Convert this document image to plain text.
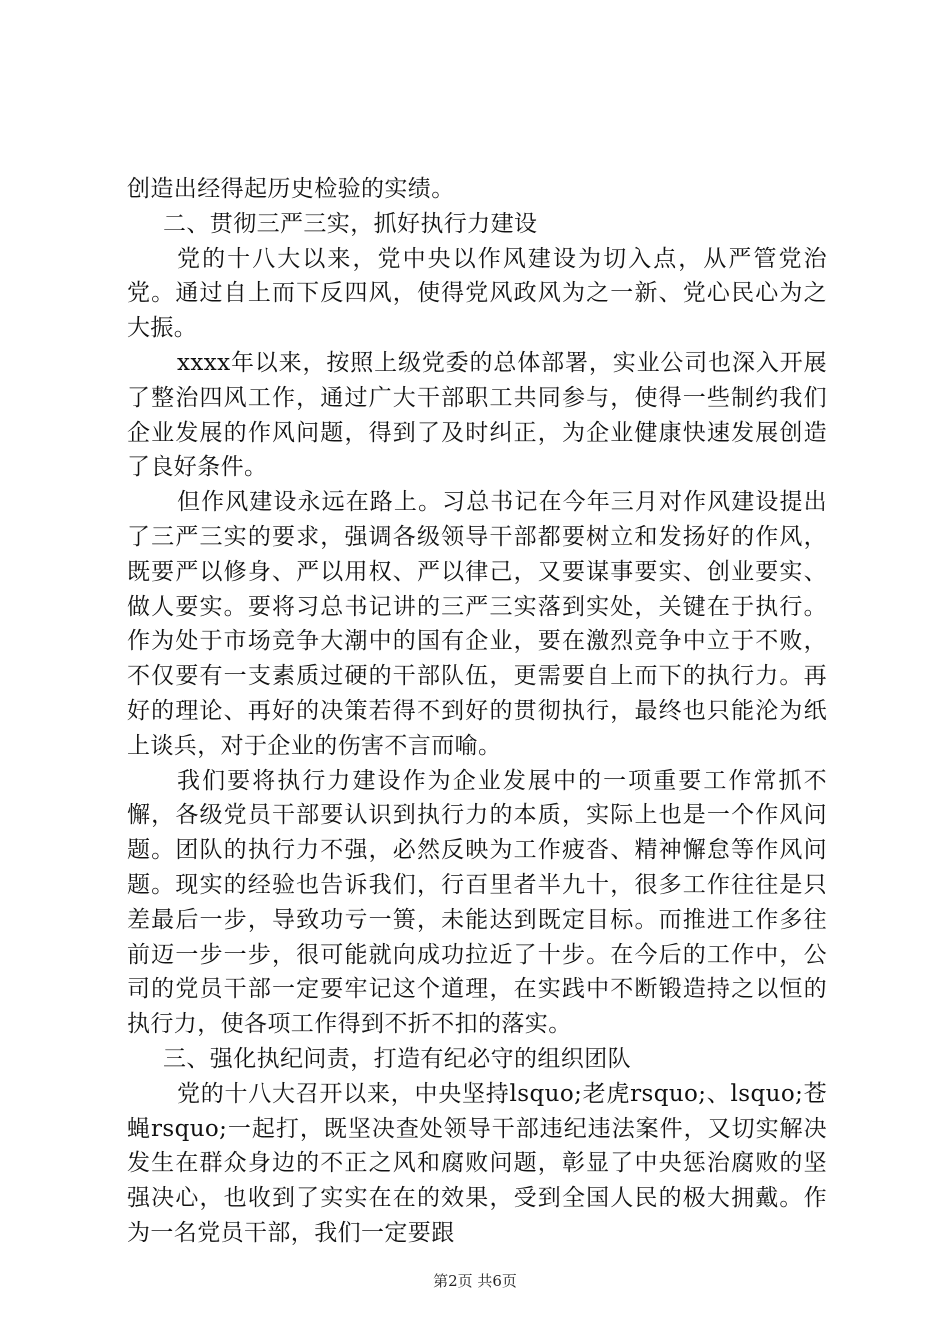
创造出经得起历史检验的实绩。

二、贯彻三严三实，抓好执行力建设

党的十八大以来，党中央以作风建设为切入点，从严管党治党。通过自上而下反四风，使得党风政风为之一新、党心民心为之大振。

xxxx年以来，按照上级党委的总体部署，实业公司也深入开展了整治四风工作，通过广大干部职工共同参与，使得一些制约我们企业发展的作风问题，得到了及时纠正，为企业健康快速发展创造了良好条件。

但作风建设永远在路上。习总书记在今年三月对作风建设提出了三严三实的要求，强调各级领导干部都要树立和发扬好的作风，既要严以修身、严以用权、严以律己，又要谋事要实、创业要实、做人要实。要将习总书记讲的三严三实落到实处，关键在于执行。作为处于市场竞争大潮中的国有企业，要在激烈竞争中立于不败，不仅要有一支素质过硬的干部队伍，更需要自上而下的执行力。再好的理论、再好的决策若得不到好的贯彻执行，最终也只能沦为纸上谈兵，对于企业的伤害不言而喻。

我们要将执行力建设作为企业发展中的一项重要工作常抓不懈，各级党员干部要认识到执行力的本质，实际上也是一个作风问题。团队的执行力不强，必然反映为工作疲沓、精神懈怠等作风问题。现实的经验也告诉我们，行百里者半九十，很多工作往往是只差最后一步，导致功亏一篑，未能达到既定目标。而推进工作多往前迈一步一步，很可能就向成功拉近了十步。在今后的工作中，公司的党员干部一定要牢记这个道理，在实践中不断锻造持之以恒的执行力，使各项工作得到不折不扣的落实。

三、强化执纪问责，打造有纪必守的组织团队

党的十八大召开以来，中央坚持lsquo;老虎rsquo;、lsquo;苍蝇rsquo;一起打，既坚决查处领导干部违纪违法案件，又切实解决发生在群众身边的不正之风和腐败问题，彰显了中央惩治腐败的坚强决心，也收到了实实在在的效果，受到全国人民的极大拥戴。作为一名党员干部，我们一定要跟

第2页 共6页
